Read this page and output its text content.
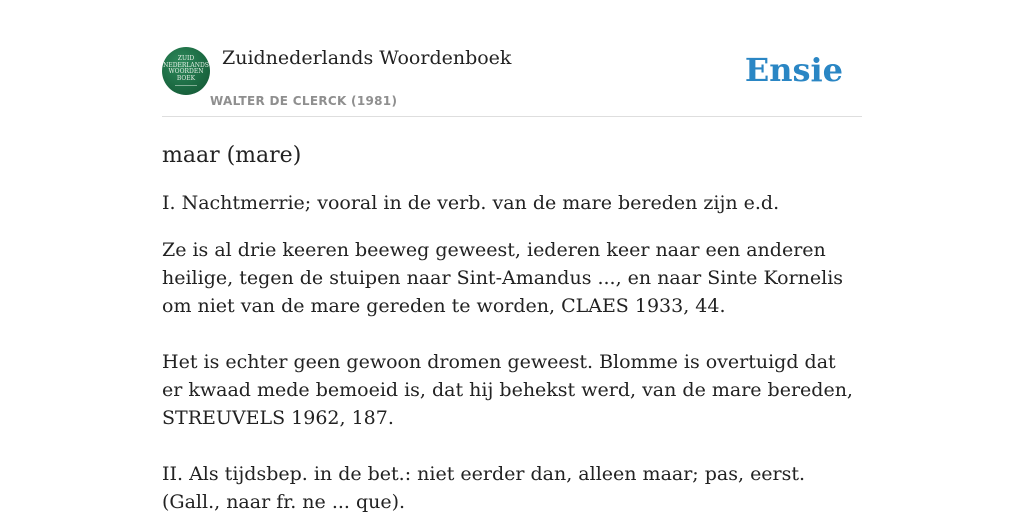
ZUID
NEDERLANDS
WOORDEN
BOEK
Zuidnederlands Woordenboek
WALTER DE CLERCK (1981)
Ensie
maar (mare)

I. Nachtmerrie; vooral in de verb. van de mare bereden zijn e.d.

Ze is al drie keeren beeweg geweest, iederen keer naar een anderen heilige, tegen de stuipen naar Sint-Amandus ..., en naar Sinte Kornelis om niet van de mare gereden te worden, CLAES 1933, 44.

Het is echter geen gewoon dromen geweest. Blomme is overtuigd dat er kwaad mede bemoeid is, dat hij behekst werd, van de mare bereden, STREUVELS 1962, 187.

II. Als tijdsbep. in de bet.: niet eerder dan, alleen maar; pas, eerst. (Gall., naar fr. ne ... que).
